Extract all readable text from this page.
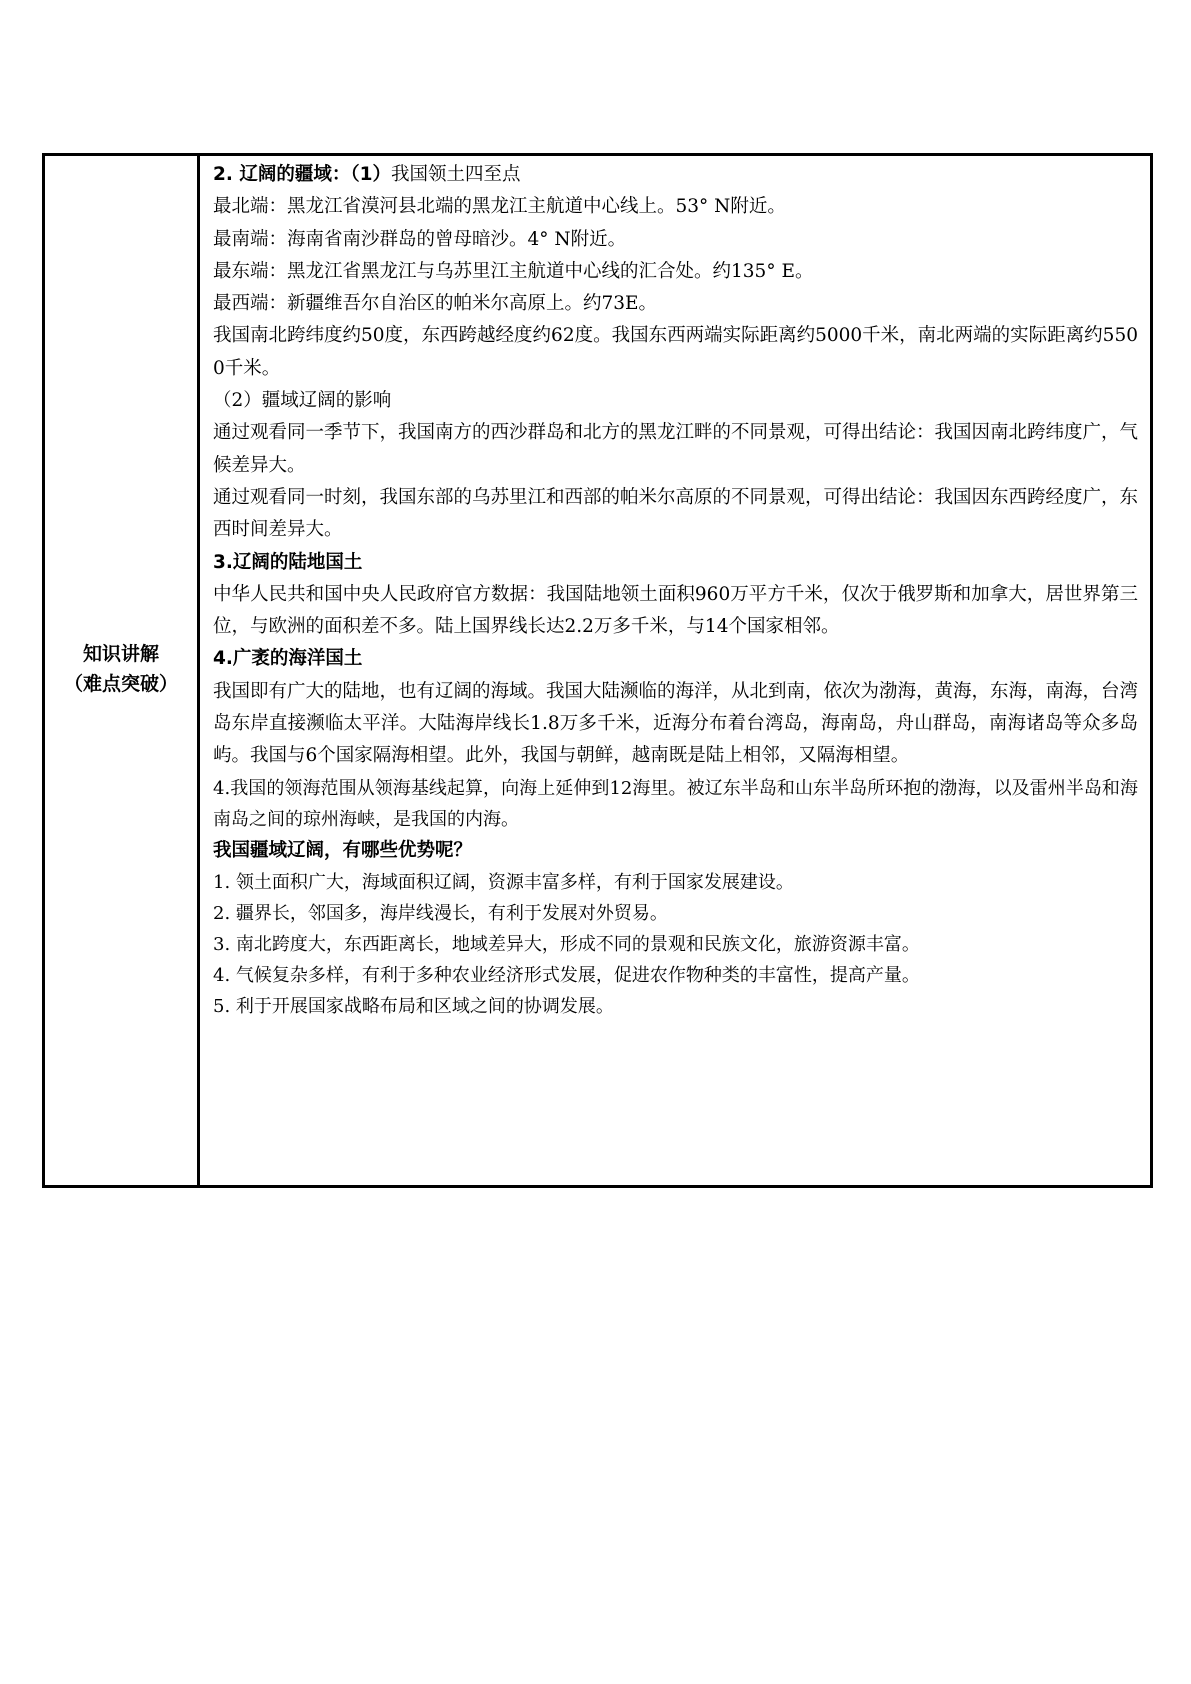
知识讲解
（难点突破）

2. 辽阔的疆域：（1）我国领土四至点

最北端：黑龙江省漠河县北端的黑龙江主航道中心线上。53° N附近。

最南端：海南省南沙群岛的曾母暗沙。4° N附近。

最东端：黑龙江省黑龙江与乌苏里江主航道中心线的汇合处。约135° E。

最西端：新疆维吾尔自治区的帕米尔高原上。约73E。

我国南北跨纬度约50度，东西跨越经度约62度。我国东西两端实际距离约5000千米，南北两端的实际距离约5500千米。

（2）疆域辽阔的影响

通过观看同一季节下，我国南方的西沙群岛和北方的黑龙江畔的不同景观，可得出结论：我国因南北跨纬度广，气候差异大。

通过观看同一时刻，我国东部的乌苏里江和西部的帕米尔高原的不同景观，可得出结论：我国因东西跨经度广，东西时间差异大。

3.辽阔的陆地国土

中华人民共和国中央人民政府官方数据：我国陆地领土面积960万平方千米，仅次于俄罗斯和加拿大，居世界第三位，与欧洲的面积差不多。陆上国界线长达2.2万多千米，与14个国家相邻。

4.广袤的海洋国土

我国即有广大的陆地，也有辽阔的海域。我国大陆濒临的海洋，从北到南，依次为渤海，黄海，东海，南海，台湾岛东岸直接濒临太平洋。大陆海岸线长1.8万多千米，近海分布着台湾岛，海南岛，舟山群岛，南海诸岛等众多岛屿。我国与6个国家隔海相望。此外，我国与朝鲜，越南既是陆上相邻，又隔海相望。

4.我国的领海范围从领海基线起算，向海上延伸到12海里。被辽东半岛和山东半岛所环抱的渤海，以及雷州半岛和海南岛之间的琼州海峡，是我国的内海。

我国疆域辽阔，有哪些优势呢？

1. 领土面积广大，海域面积辽阔，资源丰富多样，有利于国家发展建设。

2. 疆界长，邻国多，海岸线漫长，有利于发展对外贸易。

3. 南北跨度大，东西距离长，地域差异大，形成不同的景观和民族文化，旅游资源丰富。

4. 气候复杂多样，有利于多种农业经济形式发展，促进农作物种类的丰富性，提高产量。

5. 利于开展国家战略布局和区域之间的协调发展。
